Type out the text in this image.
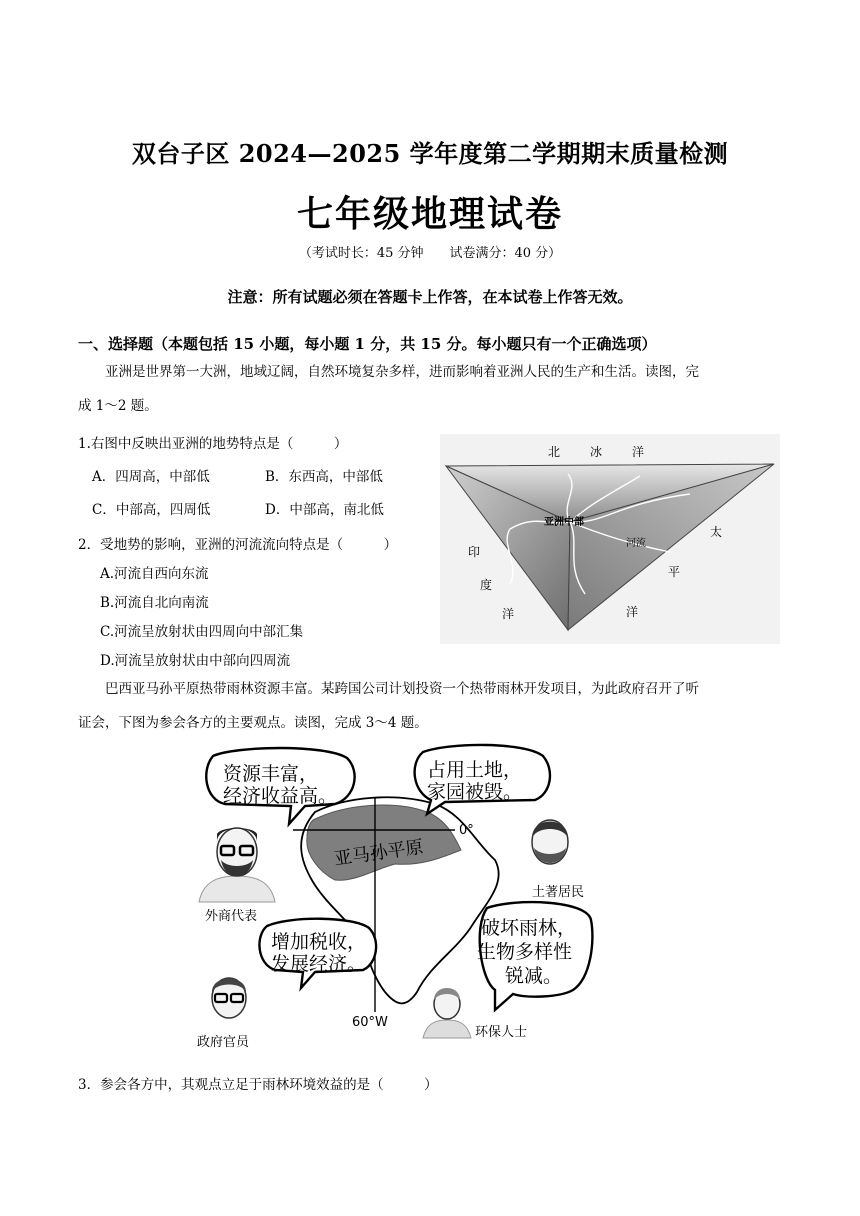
双台子区 2024—2025 学年度第二学期期末质量检测
七年级地理试卷
（考试时长：45 分钟 试卷满分：40 分）
注意：所有试题必须在答题卡上作答，在本试卷上作答无效。
一、选择题（本题包括 15 小题，每小题 1 分，共 15 分。每小题只有一个正确选项）
亚洲是世界第一大洲，地域辽阔，自然环境复杂多样，进而影响着亚洲人民的生产和生活。读图，完
成 1～2 题。
1.右图中反映出亚洲的地势特点是（　　　）
A．四周高，中部低	B．东西高，中部低
C．中部高，四周低	D．中部高，南北低
2．受地势的影响，亚洲的河流流向特点是（　　　）
A.河流自西向东流
B.河流自北向南流
C.河流呈放射状由四周向中部汇集
D.河流呈放射状由中部向四周流
北 冰 洋
印
度
洋
太
平
洋
亚洲中部
河流
巴西亚马孙平原热带雨林资源丰富。某跨国公司计划投资一个热带雨林开发项目，为此政府召开了听
证会，下图为参会各方的主要观点。读图，完成 3～4 题。
0°
60°W
亚马孙平原
资源丰富，
经济收益高。
占用土地，
家园被毁。
增加税收，
发展经济。
破坏雨林，
生物多样性
锐减。
外商代表
土著居民
政府官员
环保人士
3．参会各方中，其观点立足于雨林环境效益的是（　　　）
